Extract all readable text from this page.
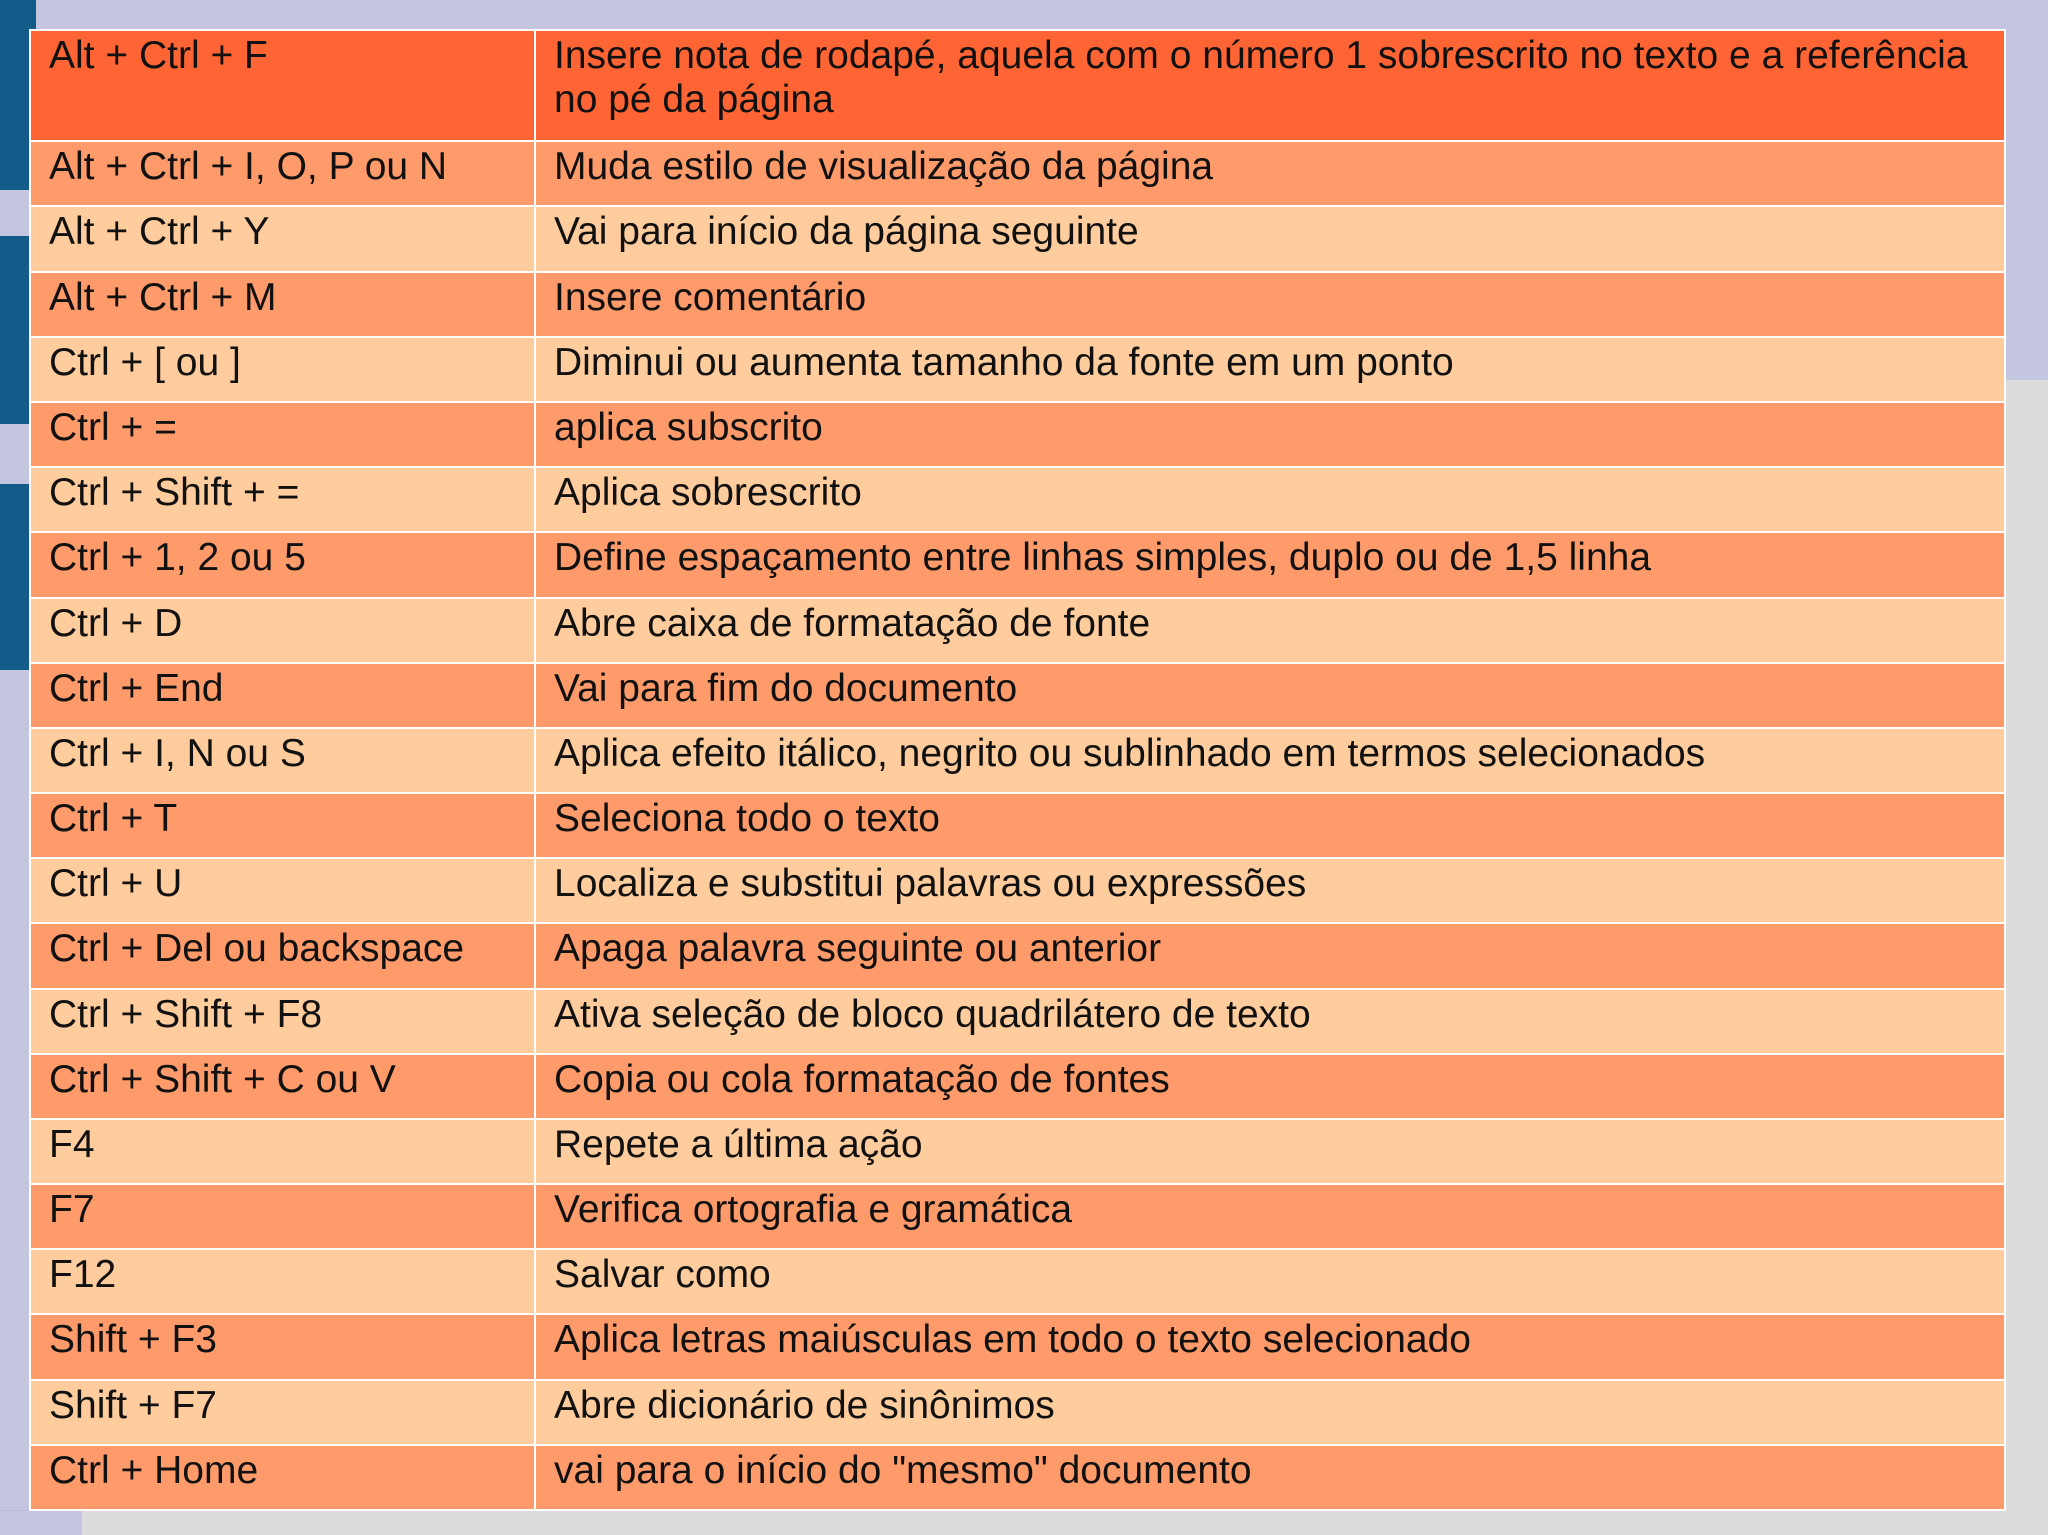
Alt + Ctrl + F	Insere nota de rodapé, aquela com o número 1 sobrescrito no texto e a referência no pé da página
Alt + Ctrl + I, O, P ou N	Muda estilo de visualização da página
Alt + Ctrl + Y	Vai para início da página seguinte
Alt + Ctrl + M	Insere comentário
Ctrl + [ ou ]	Diminui ou aumenta tamanho da fonte em um ponto
Ctrl + =	aplica subscrito
Ctrl + Shift + =	Aplica sobrescrito
Ctrl + 1, 2 ou 5	Define espaçamento entre linhas simples, duplo ou de 1,5 linha
Ctrl + D	Abre caixa de formatação de fonte
Ctrl + End	Vai para fim do documento
Ctrl + I, N ou S	Aplica efeito itálico, negrito ou sublinhado em termos selecionados
Ctrl + T	Seleciona todo o texto
Ctrl + U	Localiza e substitui palavras ou expressões
Ctrl + Del ou backspace	Apaga palavra seguinte ou anterior
Ctrl + Shift + F8	Ativa seleção de bloco quadrilátero de texto
Ctrl + Shift + C ou V	Copia ou cola formatação de fontes
F4	Repete a última ação
F7	Verifica ortografia e gramática
F12	Salvar como
Shift + F3	Aplica letras maiúsculas em todo o texto selecionado
Shift + F7	Abre dicionário de sinônimos
Ctrl + Home	vai para o início do "mesmo" documento
